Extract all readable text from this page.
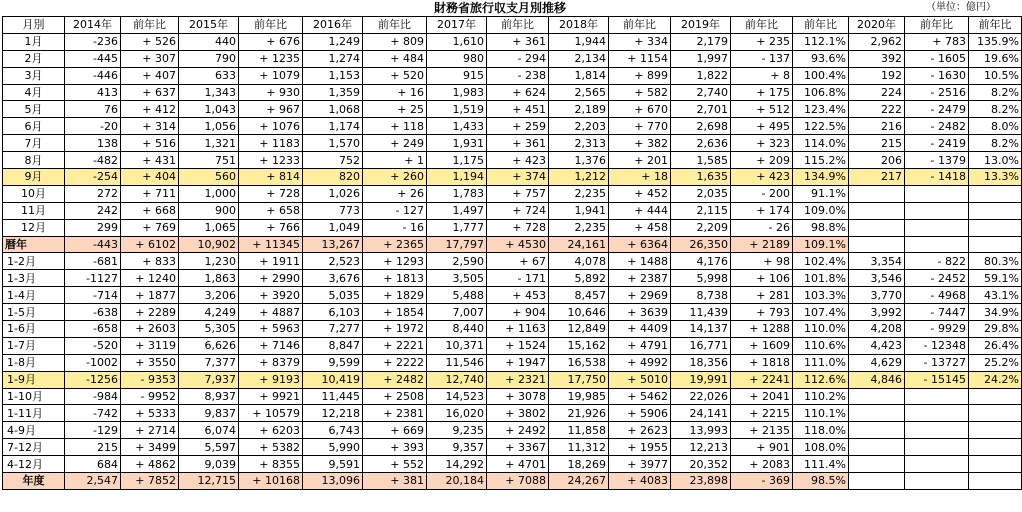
財務省旅行収支月別推移	（単位：億円）
月別	2014年	前年比	2015年	前年比	2016年	前年比	2017年	前年比	2018年	前年比	2019年	前年比	前年比	2020年	前年比	前年比
1月	-236	+ 526	440	+ 676	1,249	+ 809	1,610	+ 361	1,944	+ 334	2,179	+ 235	112.1%	2,962	+ 783	135.9%
2月	-445	+ 307	790	+ 1235	1,274	+ 484	980	- 294	2,134	+ 1154	1,997	- 137	93.6%	392	- 1605	19.6%
3月	-446	+ 407	633	+ 1079	1,153	+ 520	915	- 238	1,814	+ 899	1,822	+ 8	100.4%	192	- 1630	10.5%
4月	413	+ 637	1,343	+ 930	1,359	+ 16	1,983	+ 624	2,565	+ 582	2,740	+ 175	106.8%	224	- 2516	8.2%
5月	76	+ 412	1,043	+ 967	1,068	+ 25	1,519	+ 451	2,189	+ 670	2,701	+ 512	123.4%	222	- 2479	8.2%
6月	-20	+ 314	1,056	+ 1076	1,174	+ 118	1,433	+ 259	2,203	+ 770	2,698	+ 495	122.5%	216	- 2482	8.0%
7月	138	+ 516	1,321	+ 1183	1,570	+ 249	1,931	+ 361	2,313	+ 382	2,636	+ 323	114.0%	215	- 2419	8.2%
8月	-482	+ 431	751	+ 1233	752	+ 1	1,175	+ 423	1,376	+ 201	1,585	+ 209	115.2%	206	- 1379	13.0%
9月	-254	+ 404	560	+ 814	820	+ 260	1,194	+ 374	1,212	+ 18	1,635	+ 423	134.9%	217	- 1418	13.3%
10月	272	+ 711	1,000	+ 728	1,026	+ 26	1,783	+ 757	2,235	+ 452	2,035	- 200	91.1%			
11月	242	+ 668	900	+ 658	773	- 127	1,497	+ 724	1,941	+ 444	2,115	+ 174	109.0%			
12月	299	+ 769	1,065	+ 766	1,049	- 16	1,777	+ 728	2,235	+ 458	2,209	- 26	98.8%			
暦年	-443	+ 6102	10,902	+ 11345	13,267	+ 2365	17,797	+ 4530	24,161	+ 6364	26,350	+ 2189	109.1%			
1-2月	-681	+ 833	1,230	+ 1911	2,523	+ 1293	2,590	+ 67	4,078	+ 1488	4,176	+ 98	102.4%	3,354	- 822	80.3%
1-3月	-1127	+ 1240	1,863	+ 2990	3,676	+ 1813	3,505	- 171	5,892	+ 2387	5,998	+ 106	101.8%	3,546	- 2452	59.1%
1-4月	-714	+ 1877	3,206	+ 3920	5,035	+ 1829	5,488	+ 453	8,457	+ 2969	8,738	+ 281	103.3%	3,770	- 4968	43.1%
1-5月	-638	+ 2289	4,249	+ 4887	6,103	+ 1854	7,007	+ 904	10,646	+ 3639	11,439	+ 793	107.4%	3,992	- 7447	34.9%
1-6月	-658	+ 2603	5,305	+ 5963	7,277	+ 1972	8,440	+ 1163	12,849	+ 4409	14,137	+ 1288	110.0%	4,208	- 9929	29.8%
1-7月	-520	+ 3119	6,626	+ 7146	8,847	+ 2221	10,371	+ 1524	15,162	+ 4791	16,771	+ 1609	110.6%	4,423	- 12348	26.4%
1-8月	-1002	+ 3550	7,377	+ 8379	9,599	+ 2222	11,546	+ 1947	16,538	+ 4992	18,356	+ 1818	111.0%	4,629	- 13727	25.2%
1-9月	-1256	- 9353	7,937	+ 9193	10,419	+ 2482	12,740	+ 2321	17,750	+ 5010	19,991	+ 2241	112.6%	4,846	- 15145	24.2%
1-10月	-984	- 9952	8,937	+ 9921	11,445	+ 2508	14,523	+ 3078	19,985	+ 5462	22,026	+ 2041	110.2%			
1-11月	-742	+ 5333	9,837	+ 10579	12,218	+ 2381	16,020	+ 3802	21,926	+ 5906	24,141	+ 2215	110.1%			
4-9月	-129	+ 2714	6,074	+ 6203	6,743	+ 669	9,235	+ 2492	11,858	+ 2623	13,993	+ 2135	118.0%			
7-12月	215	+ 3499	5,597	+ 5382	5,990	+ 393	9,357	+ 3367	11,312	+ 1955	12,213	+ 901	108.0%			
4-12月	684	+ 4862	9,039	+ 8355	9,591	+ 552	14,292	+ 4701	18,269	+ 3977	20,352	+ 2083	111.4%			
年度	2,547	+ 7852	12,715	+ 10168	13,096	+ 381	20,184	+ 7088	24,267	+ 4083	23,898	- 369	98.5%			
